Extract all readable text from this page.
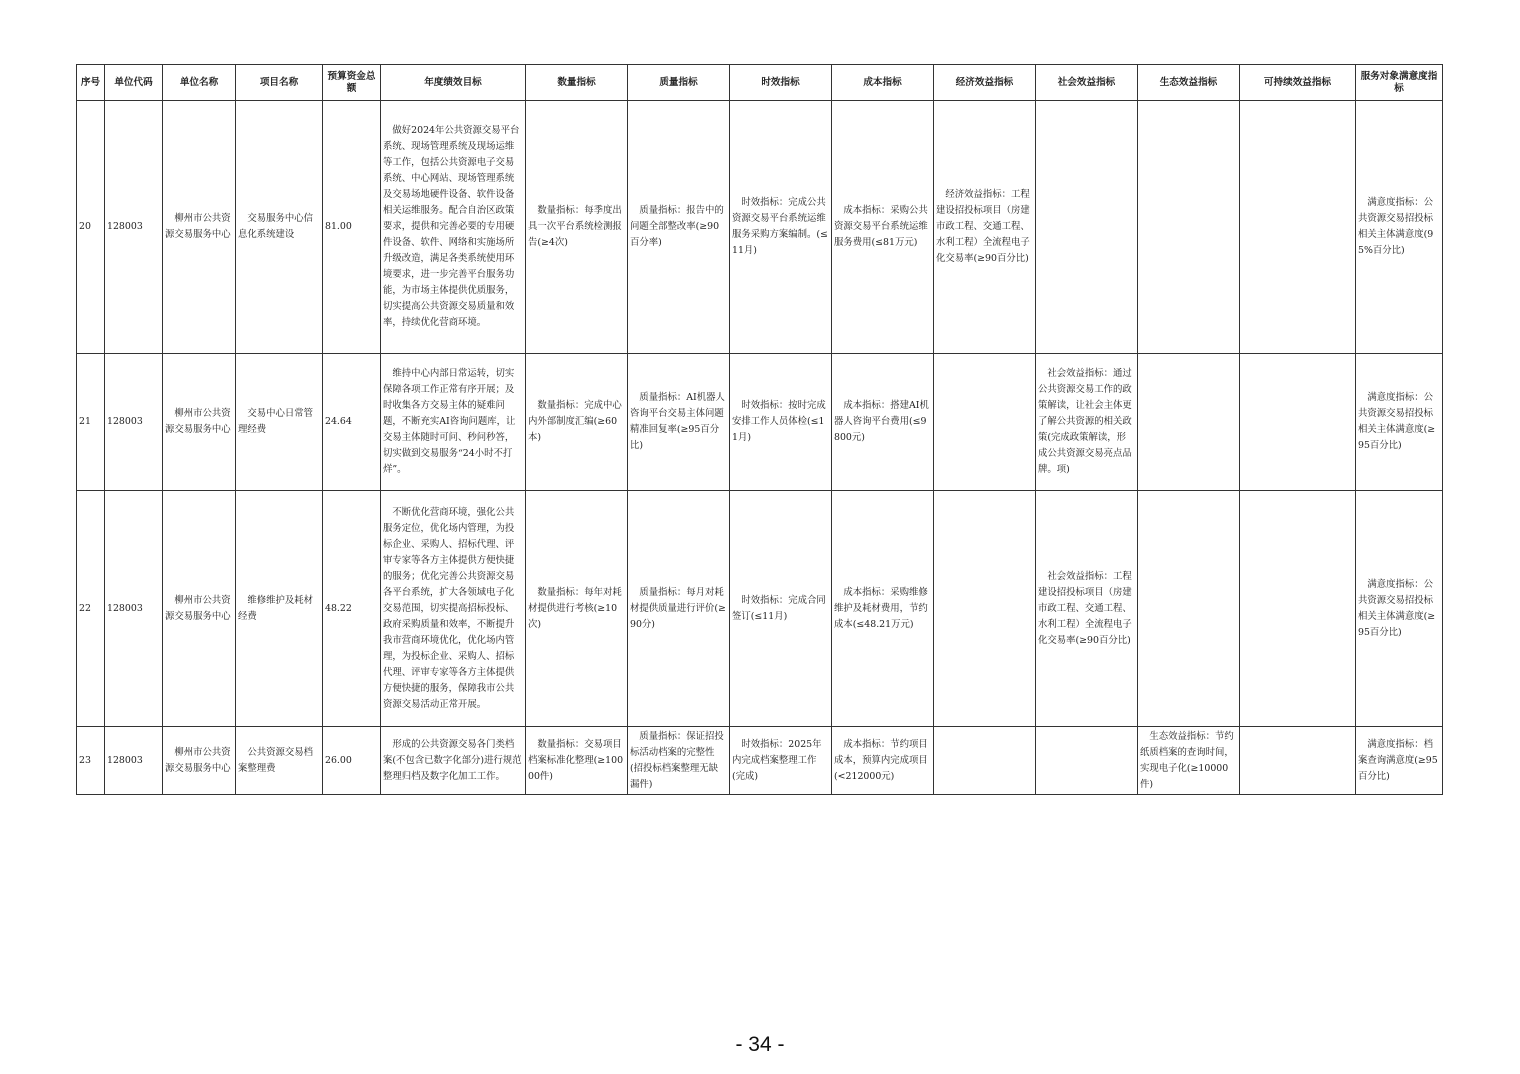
序号	单位代码	单位名称	项目名称	预算资金总额	年度绩效目标	数量指标	质量指标	时效指标	成本指标	经济效益指标	社会效益指标	生态效益指标	可持续效益指标	服务对象满意度指标
20	128003	柳州市公共资源交易服务中心	交易服务中心信息化系统建设	81.00	做好2024年公共资源交易平台系统、现场管理系统及现场运维等工作，包括公共资源电子交易系统、中心网站、现场管理系统及交易场地硬件设备、软件设备相关运维服务。配合自治区政策要求，提供和完善必要的专用硬件设备、软件、网络和实施场所升级改造，满足各类系统使用环境要求，进一步完善平台服务功能，为市场主体提供优质服务，切实提高公共资源交易质量和效率，持续优化营商环境。	数量指标：每季度出具一次平台系统检测报告(≥4次)	质量指标：报告中的问题全部整改率(≥90百分率)	时效指标：完成公共资源交易平台系统运维服务采购方案编制。(≤11月)	成本指标：采购公共资源交易平台系统运维服务费用(≤81万元)	经济效益指标：工程建设招投标项目（房建市政工程、交通工程、水利工程）全流程电子化交易率(≥90百分比)				满意度指标：公共资源交易招投标相关主体满意度(95%百分比)
21	128003	柳州市公共资源交易服务中心	交易中心日常管理经费	24.64	维持中心内部日常运转，切实保障各项工作正常有序开展；及时收集各方交易主体的疑难问题，不断充实AI咨询问题库，让交易主体随时可问、秒问秒答，切实做到交易服务“24小时不打烊”。	数量指标：完成中心内外部制度汇编(≥60本)	质量指标：AI机器人咨询平台交易主体问题精准回复率(≥95百分比)	时效指标：按时完成安排工作人员体检(≤11月)	成本指标：搭建AI机器人咨询平台费用(≤9800元)		社会效益指标：通过公共资源交易工作的政策解读，让社会主体更了解公共资源的相关政策(完成政策解读，形成公共资源交易亮点品牌。项)			满意度指标：公共资源交易招投标相关主体满意度(≥95百分比)
22	128003	柳州市公共资源交易服务中心	维修维护及耗材经费	48.22	不断优化营商环境，强化公共服务定位，优化场内管理，为投标企业、采购人、招标代理、评审专家等各方主体提供方便快捷的服务；优化完善公共资源交易各平台系统，扩大各领域电子化交易范围，切实提高招标投标、政府采购质量和效率，不断提升我市营商环境优化，优化场内管理，为投标企业、采购人、招标代理、评审专家等各方主体提供方便快捷的服务，保障我市公共资源交易活动正常开展。	数量指标：每年对耗材提供进行考核(≥10次)	质量指标：每月对耗材提供质量进行评价(≥90分)	时效指标：完成合同签订(≤11月)	成本指标：采购维修维护及耗材费用，节约成本(≤48.21万元)		社会效益指标：工程建设招投标项目（房建市政工程、交通工程、水利工程）全流程电子化交易率(≥90百分比)			满意度指标：公共资源交易招投标相关主体满意度(≥95百分比)
23	128003	柳州市公共资源交易服务中心	公共资源交易档案整理费	26.00	形成的公共资源交易各门类档案(不包含已数字化部分)进行规范整理归档及数字化加工工作。	数量指标：交易项目档案标准化整理(≥10000件)	质量指标：保证招投标活动档案的完整性(招投标档案整理无缺漏件)	时效指标：2025年内完成档案整理工作(完成)	成本指标：节约项目成本，预算内完成项目(<212000元)			生态效益指标：节约纸质档案的查询时间，实现电子化(≥10000件)		满意度指标：档案查询满意度(≥95百分比)
- 34 -
